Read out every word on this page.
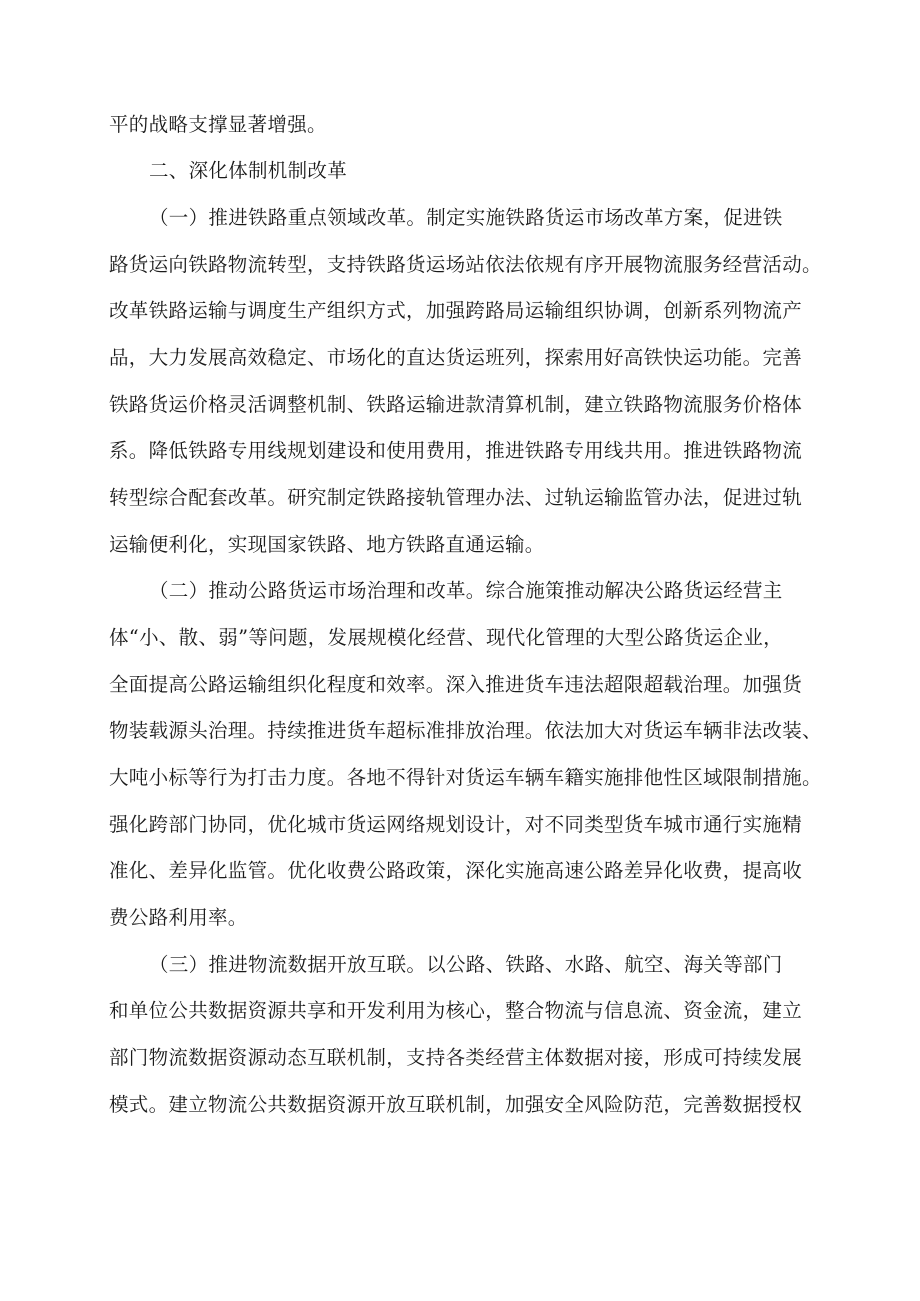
平的战略支撑显著增强。
二、深化体制机制改革
（一）推进铁路重点领域改革。制定实施铁路货运市场改革方案，促进铁
路货运向铁路物流转型，支持铁路货运场站依法依规有序开展物流服务经营活动。
改革铁路运输与调度生产组织方式，加强跨路局运输组织协调，创新系列物流产
品，大力发展高效稳定、市场化的直达货运班列，探索用好高铁快运功能。完善
铁路货运价格灵活调整机制、铁路运输进款清算机制，建立铁路物流服务价格体
系。降低铁路专用线规划建设和使用费用，推进铁路专用线共用。推进铁路物流
转型综合配套改革。研究制定铁路接轨管理办法、过轨运输监管办法，促进过轨
运输便利化，实现国家铁路、地方铁路直通运输。
（二）推动公路货运市场治理和改革。综合施策推动解决公路货运经营主
体“小、散、弱”等问题，发展规模化经营、现代化管理的大型公路货运企业，
全面提高公路运输组织化程度和效率。深入推进货车违法超限超载治理。加强货
物装载源头治理。持续推进货车超标准排放治理。依法加大对货运车辆非法改装、
大吨小标等行为打击力度。各地不得针对货运车辆车籍实施排他性区域限制措施。
强化跨部门协同，优化城市货运网络规划设计，对不同类型货车城市通行实施精
准化、差异化监管。优化收费公路政策，深化实施高速公路差异化收费，提高收
费公路利用率。
（三）推进物流数据开放互联。以公路、铁路、水路、航空、海关等部门
和单位公共数据资源共享和开发利用为核心，整合物流与信息流、资金流，建立
部门物流数据资源动态互联机制，支持各类经营主体数据对接，形成可持续发展
模式。建立物流公共数据资源开放互联机制，加强安全风险防范，完善数据授权
